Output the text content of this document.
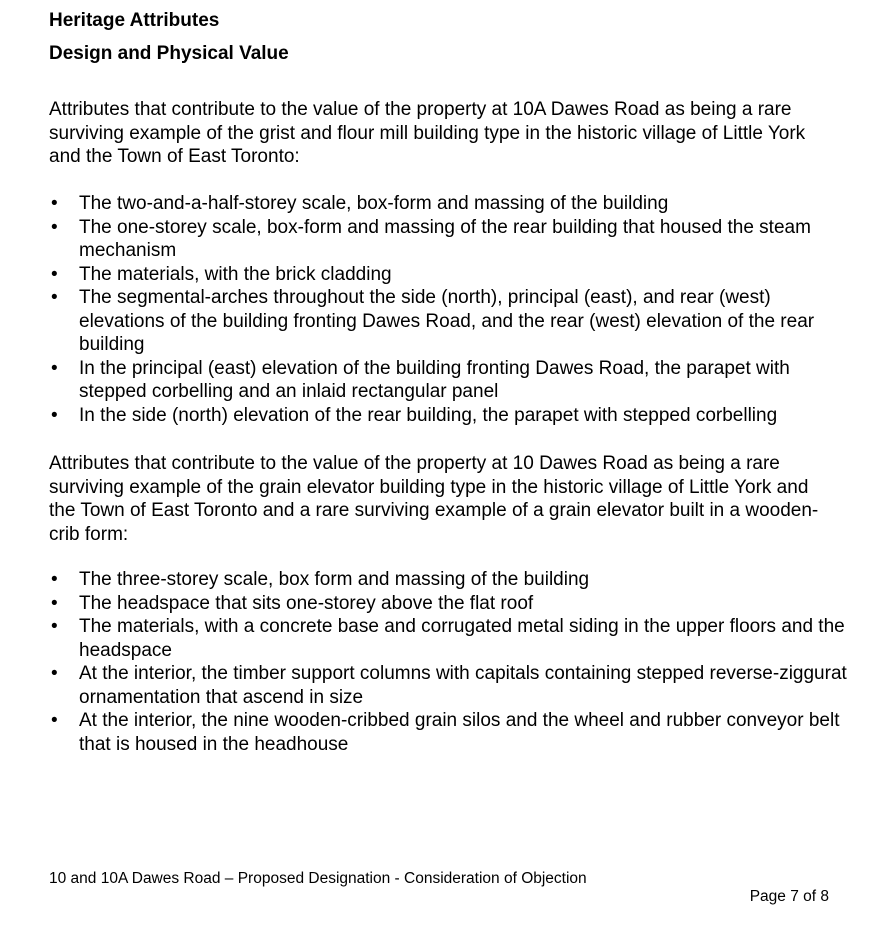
Heritage Attributes
Design and Physical Value

Attributes that contribute to the value of the property at 10A Dawes Road as being a rare surviving example of the grist and flour mill building type in the historic village of Little York and the Town of East Toronto:

•	The two-and-a-half-storey scale, box-form and massing of the building
•	The one-storey scale, box-form and massing of the rear building that housed the steam mechanism
•	The materials, with the brick cladding
•	The segmental-arches throughout the side (north), principal (east), and rear (west) elevations of the building fronting Dawes Road, and the rear (west) elevation of the rear building
•	In the principal (east) elevation of the building fronting Dawes Road, the parapet with stepped corbelling and an inlaid rectangular panel
•	In the side (north) elevation of the rear building, the parapet with stepped corbelling

Attributes that contribute to the value of the property at 10 Dawes Road as being a rare surviving example of the grain elevator building type in the historic village of Little York and the Town of East Toronto and a rare surviving example of a grain elevator built in a wooden-crib form:

•	The three-storey scale, box form and massing of the building
•	The headspace that sits one-storey above the flat roof
•	The materials, with a concrete base and corrugated metal siding in the upper floors and the headspace
•	At the interior, the timber support columns with capitals containing stepped reverse-ziggurat ornamentation that ascend in size
•	At the interior, the nine wooden-cribbed grain silos and the wheel and rubber conveyor belt that is housed in the headhouse
10 and 10A Dawes Road – Proposed Designation - Consideration of Objection
Page 7 of 8
